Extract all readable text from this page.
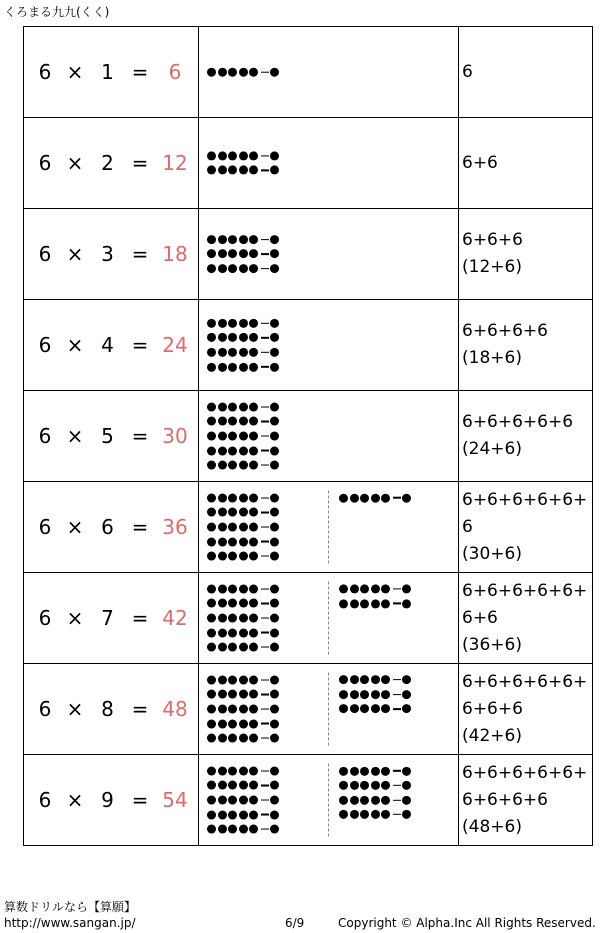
くろまる九九(くく)
6 × 1 = 6		6

6 × 2 = 12		6+6

6 × 3 = 18		6+6+6
(12+6)

6 × 4 = 24		6+6+6+6
(18+6)

6 × 5 = 30		6+6+6+6+6
(24+6)

6 × 6 = 36		6+6+6+6+6+
6
(30+6)

6 × 7 = 42		6+6+6+6+6+
6+6
(36+6)

6 × 8 = 48		6+6+6+6+6+
6+6+6
(42+6)

6 × 9 = 54		6+6+6+6+6+
6+6+6+6
(48+6)
算数ドリルなら【算願】
http://www.sangan.jp/	6/9	Copyright © Alpha.Inc All Rights Reserved.
